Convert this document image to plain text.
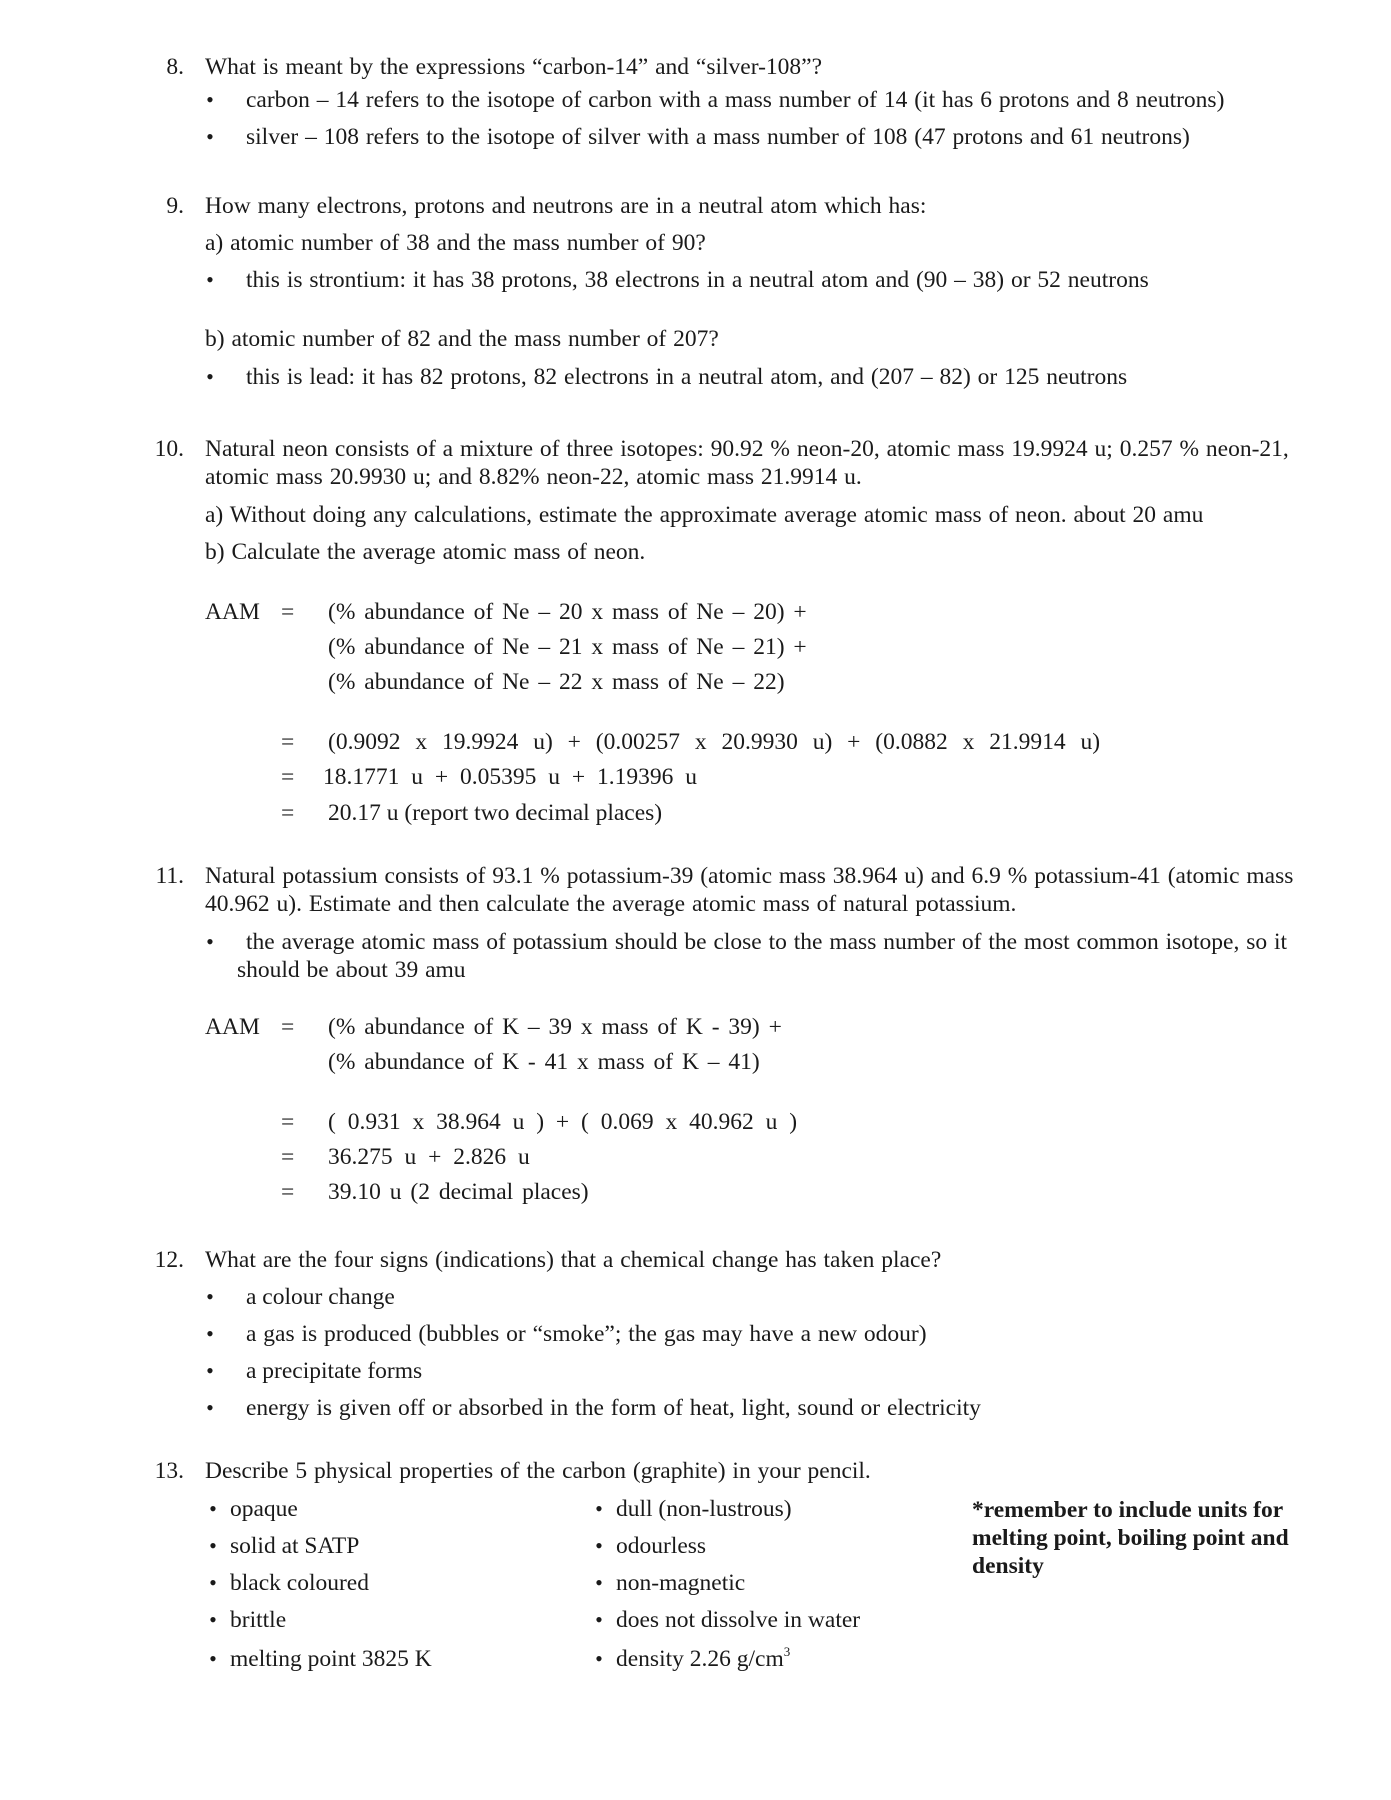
8. What is meant by the expressions “carbon-14” and “silver-108”?
•
carbon – 14 refers to the isotope of carbon with a mass number of 14 (it has 6 protons and 8 neutrons)
•
silver – 108 refers to the isotope of silver with a mass number of 108 (47 protons and 61 neutrons)
9. How many electrons, protons and neutrons are in a neutral atom which has:
a) atomic number of 38 and the mass number of 90?
•
this is strontium: it has 38 protons, 38 electrons in a neutral atom and (90 – 38) or 52 neutrons
b) atomic number of 82 and the mass number of 207?
•
this is lead: it has 82 protons, 82 electrons in a neutral atom, and (207 – 82) or 125 neutrons
10. Natural neon consists of a mixture of three isotopes: 90.92 % neon-20, atomic mass 19.9924 u; 0.257 % neon-21, atomic mass 20.9930 u; and 8.82% neon-22, atomic mass 21.9914 u.
a) Without doing any calculations, estimate the approximate average atomic mass of neon. about 20 amu
b) Calculate the average atomic mass of neon.
AAM = (% abundance of Ne – 20 x mass of Ne – 20) +
(% abundance of Ne – 21 x mass of Ne – 21) +
(% abundance of Ne – 22 x mass of Ne – 22)
= (0.9092 x 19.9924 u) + (0.00257 x 20.9930 u) + (0.0882 x 21.9914 u)
= 18.1771 u + 0.05395 u + 1.19396 u
= 20.17 u (report two decimal places)
11. Natural potassium consists of 93.1 % potassium-39 (atomic mass 38.964 u) and 6.9 % potassium-41 (atomic mass 40.962 u). Estimate and then calculate the average atomic mass of natural potassium.
•
the average atomic mass of potassium should be close to the mass number of the most common isotope, so it should be about 39 amu
AAM = (% abundance of K – 39 x mass of K - 39) +
(% abundance of K - 41 x mass of K – 41)
= ( 0.931 x 38.964 u ) + ( 0.069 x 40.962 u )
= 36.275 u + 2.826 u
= 39.10 u (2 decimal places)
12. What are the four signs (indications) that a chemical change has taken place?
•
a colour change
•
a gas is produced (bubbles or “smoke”; the gas may have a new odour)
•
a precipitate forms
•
energy is given off or absorbed in the form of heat, light, sound or electricity
13. Describe 5 physical properties of the carbon (graphite) in your pencil.
•
opaque
•
solid at SATP
•
black coloured
•
brittle
•
melting point 3825 K
•
dull (non-lustrous)
•
odourless
•
non-magnetic
•
does not dissolve in water
•
density 2.26 $g/cm^3$
*remember to include units for melting point, boiling point and density
